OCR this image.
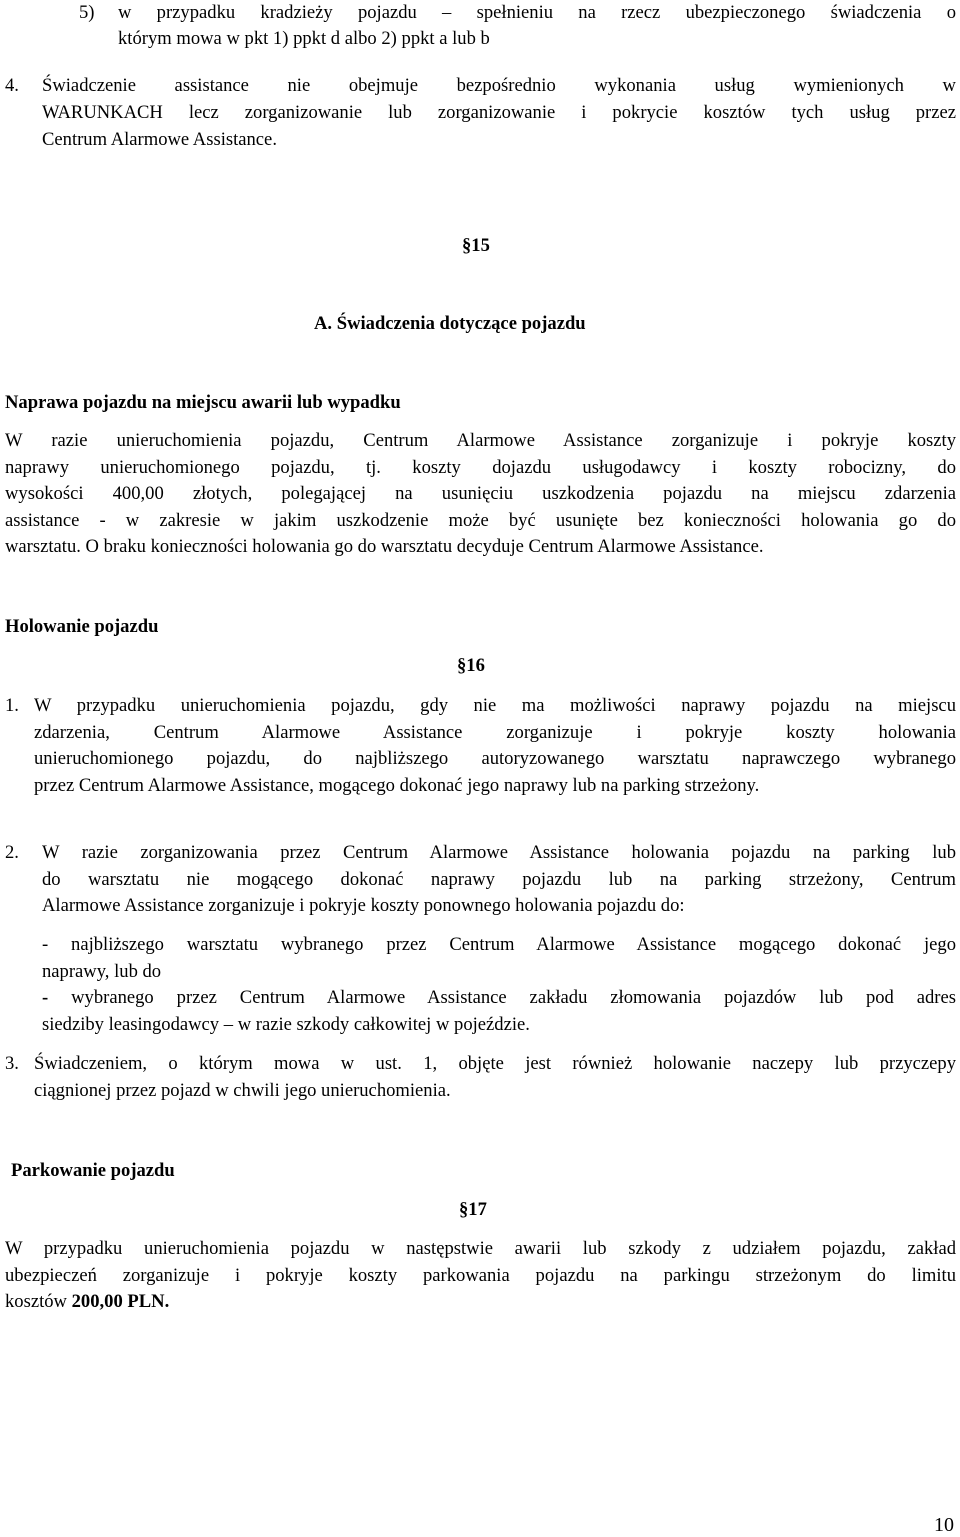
5) w przypadku kradzieży pojazdu – spełnieniu na rzecz ubezpieczonego świadczenia o
którym mowa w pkt 1) ppkt d albo 2) ppkt a lub b
4. Świadczenie assistance nie obejmuje bezpośrednio wykonania usług wymienionych w
WARUNKACH lecz zorganizowanie lub zorganizowanie i pokrycie kosztów tych usług przez
Centrum Alarmowe Assistance.
§15
A. Świadczenia dotyczące pojazdu
Naprawa pojazdu na miejscu awarii lub wypadku
W razie unieruchomienia pojazdu, Centrum Alarmowe Assistance zorganizuje i pokryje koszty
naprawy unieruchomionego pojazdu, tj. koszty dojazdu usługodawcy i koszty robocizny, do
wysokości 400,00 złotych, polegającej na usunięciu uszkodzenia pojazdu na miejscu zdarzenia
assistance - w zakresie w jakim uszkodzenie może być usunięte bez konieczności holowania go do
warsztatu. O braku konieczności holowania go do warsztatu decyduje Centrum Alarmowe Assistance.
Holowanie pojazdu
§16
1. W przypadku unieruchomienia pojazdu, gdy nie ma możliwości naprawy pojazdu na miejscu
zdarzenia, Centrum Alarmowe Assistance zorganizuje i pokryje koszty holowania
unieruchomionego pojazdu, do najbliższego autoryzowanego warsztatu naprawczego wybranego
przez Centrum Alarmowe Assistance, mogącego dokonać jego naprawy lub na parking strzeżony.
2. W razie zorganizowania przez Centrum Alarmowe Assistance holowania pojazdu na parking lub
do warsztatu nie mogącego dokonać naprawy pojazdu lub na parking strzeżony, Centrum
Alarmowe Assistance zorganizuje i pokryje koszty ponownego holowania pojazdu do:
- najbliższego warsztatu wybranego przez Centrum Alarmowe Assistance mogącego dokonać jego
naprawy, lub do
- wybranego przez Centrum Alarmowe Assistance zakładu złomowania pojazdów lub pod adres
siedziby leasingodawcy – w razie szkody całkowitej w pojeździe.
3. Świadczeniem, o którym mowa w ust. 1, objęte jest również holowanie naczepy lub przyczepy
ciągnionej przez pojazd w chwili jego unieruchomienia.
Parkowanie pojazdu
§17
W przypadku unieruchomienia pojazdu w następstwie awarii lub szkody z udziałem pojazdu, zakład
ubezpieczeń zorganizuje i pokryje koszty parkowania pojazdu na parkingu strzeżonym do limitu
kosztów 200,00 PLN.
10
